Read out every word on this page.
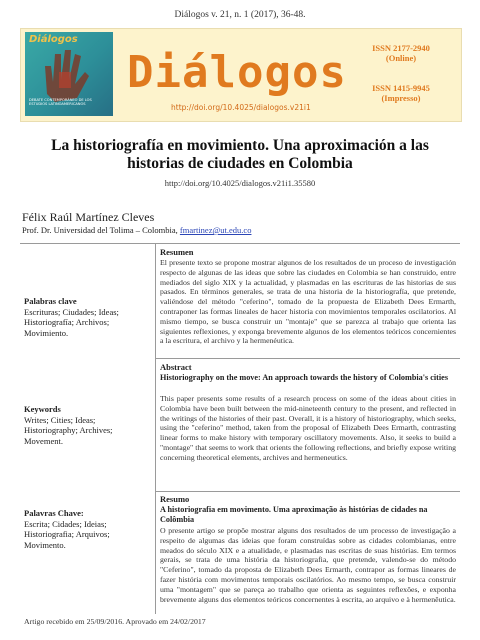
Diálogos v. 21, n. 1 (2017), 36-48.
Diálogos
DEBATE CONTEMPORÁNEO DE LOS ESTUDIOS LATINOAMERICANOS
Diálogos
http://doi.org/10.4025/dialogos.v21i1
ISSN 2177-2940
(Online)
ISSN 1415-9945
(Impresso)
La historiografía en movimiento. Una aproximación a las
historias de ciudades en Colombia
http://doi.org/10.4025/dialogos.v21i1.35580
Félix Raúl Martínez Cleves
Prof. Dr. Universidad del Tolima – Colombia, fmartinez@ut.edu.co
Resumen

El presente texto se propone mostrar algunos de los resultados de un proceso de investigación respecto de algunas de las ideas que sobre las ciudades en Colombia se han construido, entre mediados del siglo XIX y la actualidad, y plasmadas en las escrituras de las historias de sus pasados. En términos generales, se trata de una historia de la historiografía, que pretende, valiéndose del método "ceferino", tomado de la propuesta de Elizabeth Dees Ermarth, contraponer las formas lineales de hacer historia con movimientos temporales oscilatorios. Al mismo tiempo, se busca construir un "montaje" que se parezca al trabajo que orienta las siguientes reflexiones, y exponga brevemente algunos de los elementos teóricos concernientes a la escritura, el archivo y la hermenéutica.

Palabras clave
Escrituras; Ciudades; Ideas; Historiografía; Archivos; Movimiento.
Abstract
Historiography on the move: An approach towards the history of Colombia's cities

This paper presents some results of a research process on some of the ideas about cities in Colombia have been built between the mid-nineteenth century to the present, and reflected in the writings of the histories of their past. Overall, it is a history of historiography, which seeks, using the "ceferino" method, taken from the proposal of Elizabeth Dees Ermarth, contrasting linear forms to make history with temporary oscillatory movements. Also, it seeks to build a "montage" that seems to work that orients the following reflections, and briefly expose writing concerning theoretical elements, archives and hermeneutics.

Keywords
Writes; Cities; Ideas; Historiography; Archives; Movement.
Resumo
A historiografia em movimento. Uma aproximação às histórias de cidades na Colômbia

O presente artigo se propõe mostrar alguns dos resultados de um processo de investigação a respeito de algumas das ideias que foram construídas sobre as cidades colombianas, entre meados do século XIX e a atualidade, e plasmadas nas escritas de suas histórias. Em termos gerais, se trata de uma história da historiografia, que pretende, valendo-se do método "Ceferino", tomado da proposta de Elizabeth Dees Ermarth, contrapor as formas lineares de fazer história com movimentos temporais oscilatórios. Ao mesmo tempo, se busca construir uma "montagem" que se pareça ao trabalho que orienta as seguintes reflexões, e exponha brevemente alguns dos elementos teóricos concernentes à escrita, ao arquivo e à hermenêutica.

Palavras Chave:
Escrita; Cidades; Ideias; Historiografia; Arquivos; Movimento.
Artigo recebido em 25/09/2016. Aprovado em 24/02/2017
